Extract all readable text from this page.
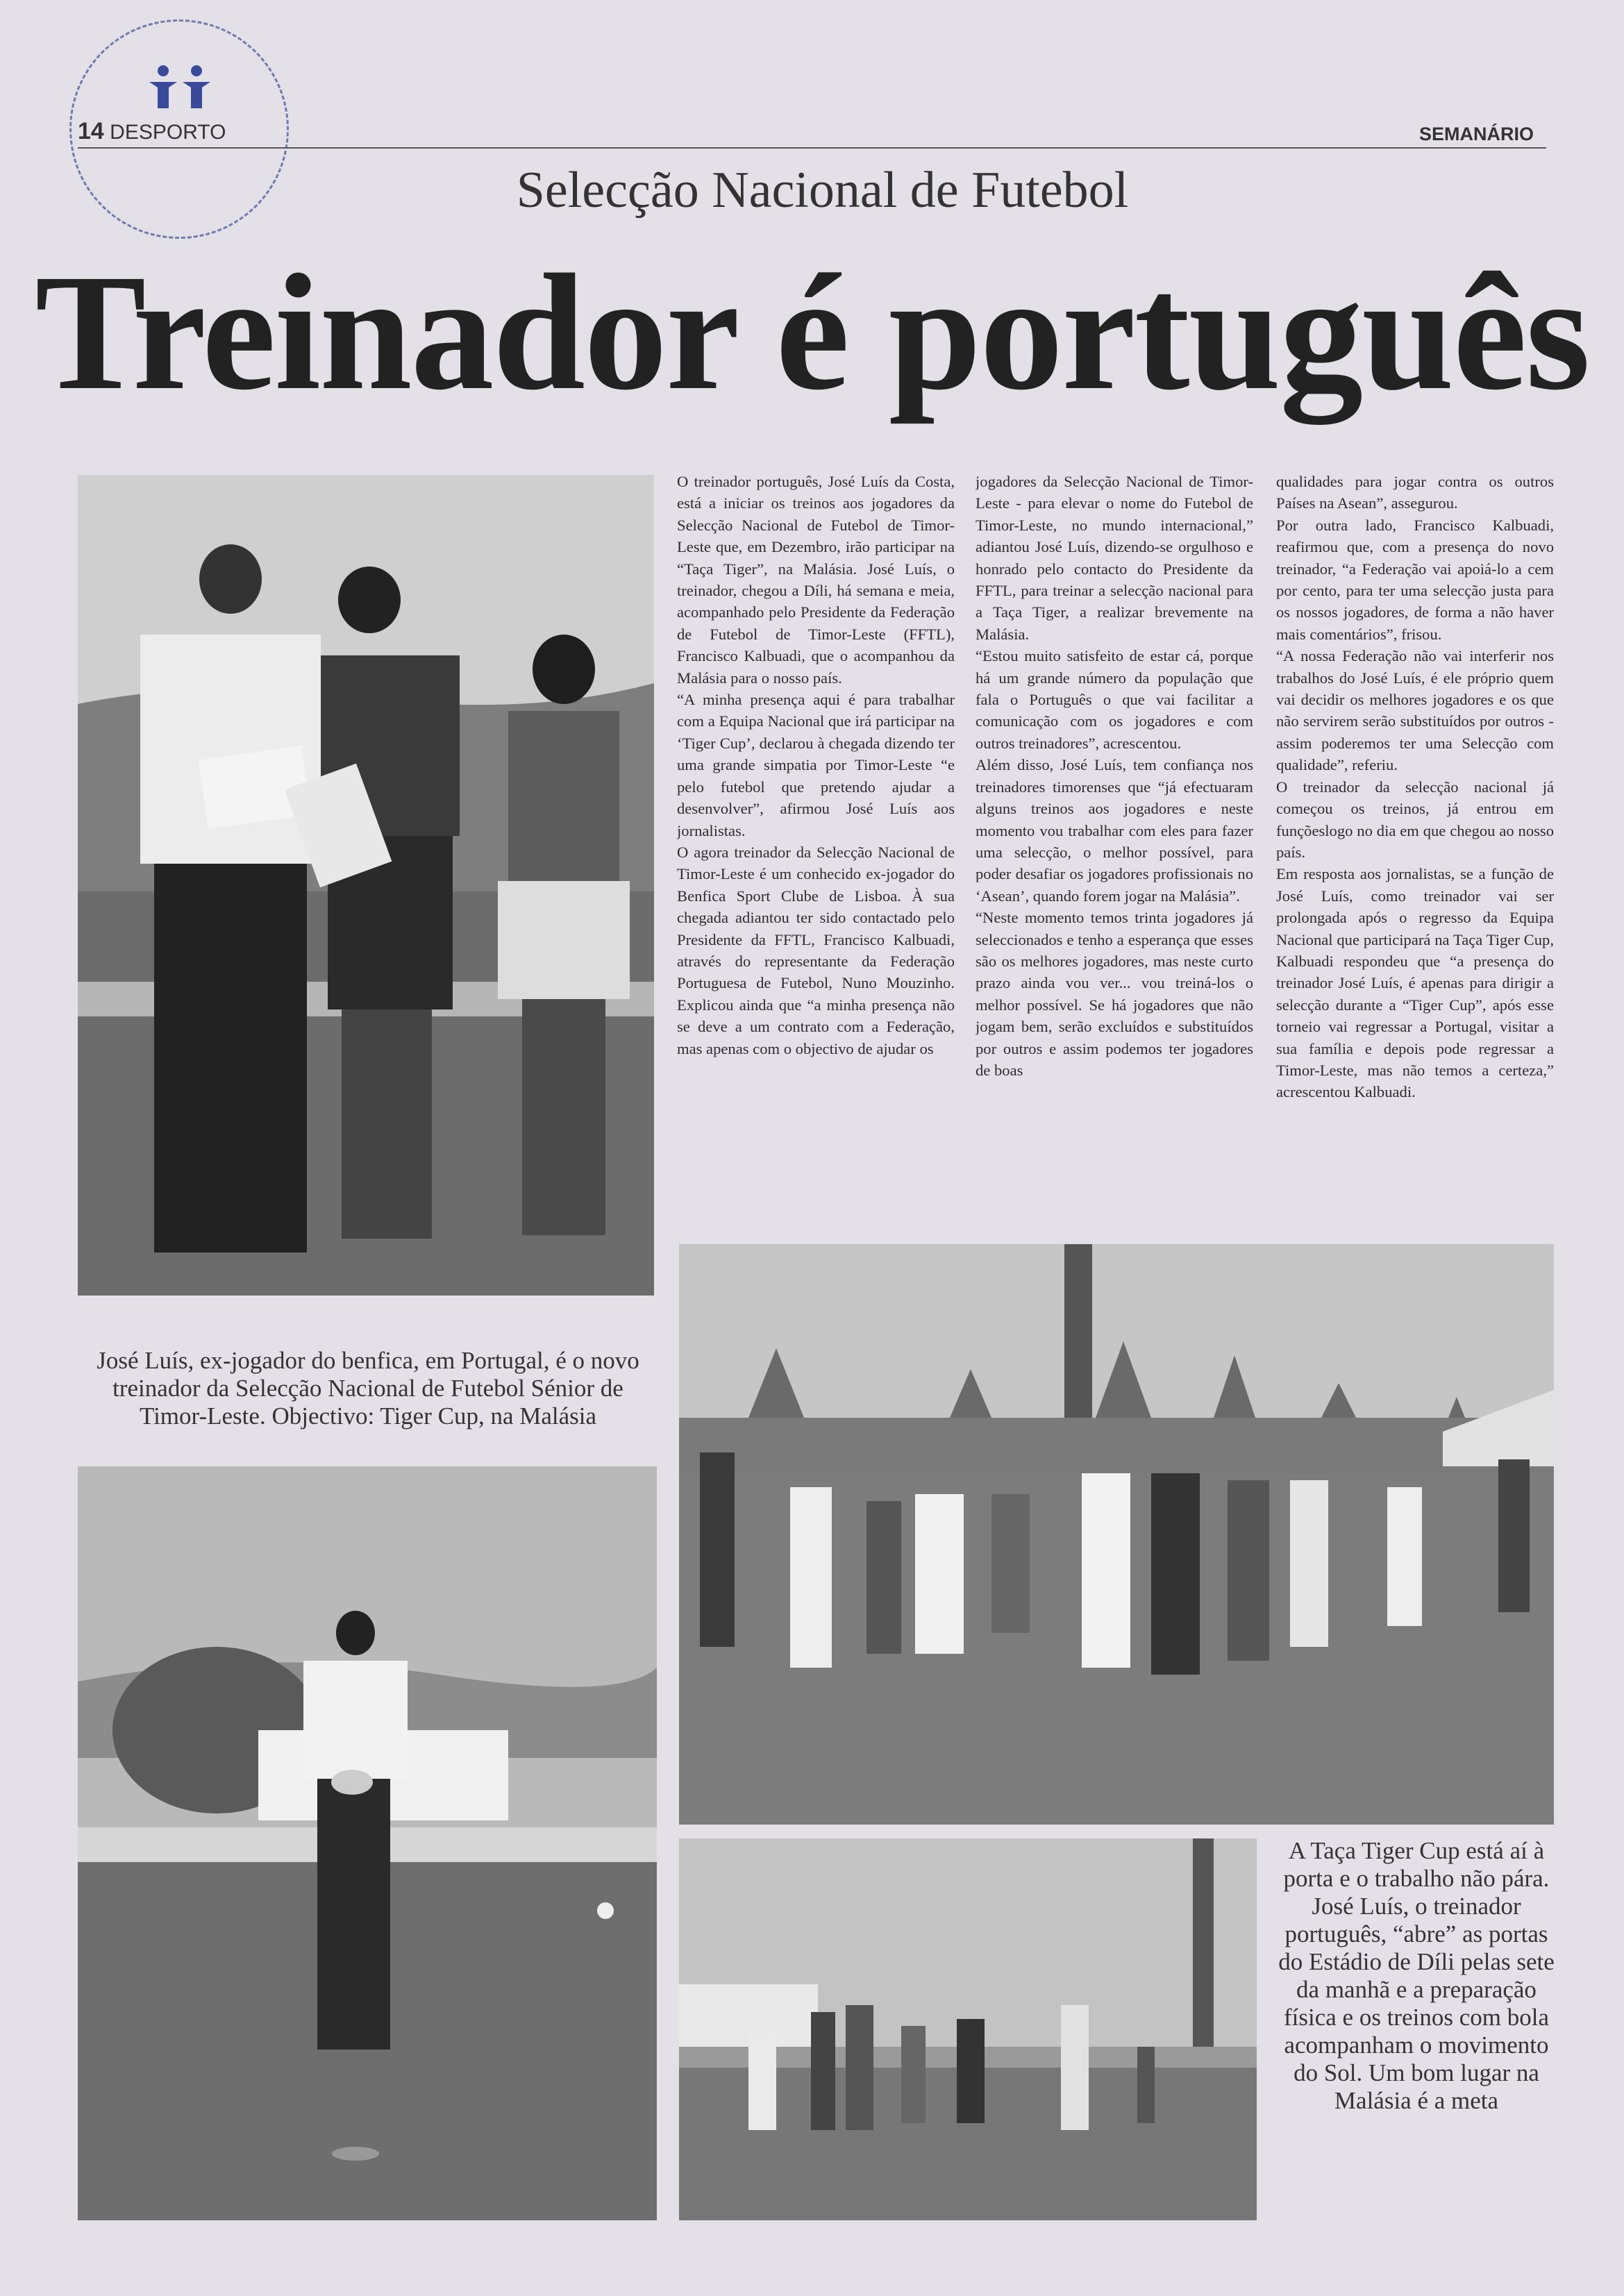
14 DESPORTO	SEMANÁRIO
Selecção Nacional de Futebol
Treinador é português
José Luís, ex-jogador do benfica, em Portugal, é o novo treinador da Selecção Nacional de Futebol Sénior de Timor-Leste. Objectivo: Tiger Cup, na Malásia

O treinador português, José Luís da Costa, está a iniciar os treinos aos jogadores da Selecção Nacional de Futebol de Timor-Leste que, em Dezembro, irão participar na “Taça Tiger”, na Malásia. José Luís, o treinador, chegou a Díli, há semana e meia, acompanhado pelo Presidente da Federação de Futebol de Timor-Leste (FFTL), Francisco Kalbuadi, que o acompanhou da Malásia para o nosso país.

“A minha presença aqui é para trabalhar com a Equipa Nacional que irá participar na ‘Tiger Cup’, declarou à chegada dizendo ter uma grande simpatia por Timor-Leste “e pelo futebol que pretendo ajudar a desenvolver”, afirmou José Luís aos jornalistas.

O agora treinador da Selecção Nacional de Timor-Leste é um conhecido ex-jogador do Benfica Sport Clube de Lisboa. À sua chegada adiantou ter sido contactado pelo Presidente da FFTL, Francisco Kalbuadi, através do representante da Federação Portuguesa de Futebol, Nuno Mouzinho. Explicou ainda que “a minha presença não se deve a um contrato com a Federação, mas apenas com o objectivo de ajudar os

jogadores da Selecção Nacional de Timor-Leste - para elevar o nome do Futebol de Timor-Leste, no mundo internacional,” adiantou José Luís, dizendo-se orgulhoso e honrado pelo contacto do Presidente da FFTL, para treinar a selecção nacional para a Taça Tiger, a realizar brevemente na Malásia.

“Estou muito satisfeito de estar cá, porque há um grande número da população que fala o Português o que vai facilitar a comunicação com os jogadores e com outros treinadores”, acrescentou.

Além disso, José Luís, tem confiança nos treinadores timorenses que “já efectuaram alguns treinos aos jogadores e neste momento vou trabalhar com eles para fazer uma selecção, o melhor possível, para poder desafiar os jogadores profissionais no ‘Asean’, quando forem jogar na Malásia”.

“Neste momento temos trinta jogadores já seleccionados e tenho a esperança que esses são os melhores jogadores, mas neste curto prazo ainda vou ver... vou treiná-los o melhor possível. Se há jogadores que não jogam bem, serão excluídos e substituídos por outros e assim podemos ter jogadores de boas

qualidades para jogar contra os outros Países na Asean”, assegurou.

Por outra lado, Francisco Kalbuadi, reafirmou que, com a presença do novo treinador, “a Federação vai apoiá-lo a cem por cento, para ter uma selecção justa para os nossos jogadores, de forma a não haver mais comentários”, frisou.

“A nossa Federação não vai interferir nos trabalhos do José Luís, é ele próprio quem vai decidir os melhores jogadores e os que não servirem serão substituídos por outros - assim poderemos ter uma Selecção com qualidade”, referiu.

O treinador da selecção nacional já começou os treinos, já entrou em funçõeslogo no dia em que chegou ao nosso país.

Em resposta aos jornalistas, se a função de José Luís, como treinador vai ser prolongada após o regresso da Equipa Nacional que participará na Taça Tiger Cup, Kalbuadi respondeu que “a presença do treinador José Luís, é apenas para dirigir a selecção durante a “Tiger Cup”, após esse torneio vai regressar a Portugal, visitar a sua família e depois pode regressar a Timor-Leste, mas não temos a certeza,” acrescentou Kalbuadi.

A Taça Tiger Cup está aí à porta e o trabalho não pára. José Luís, o treinador português, “abre” as portas do Estádio de Díli pelas sete da manhã e a preparação física e os treinos com bola acompanham o movimento do Sol. Um bom lugar na Malásia é a meta
